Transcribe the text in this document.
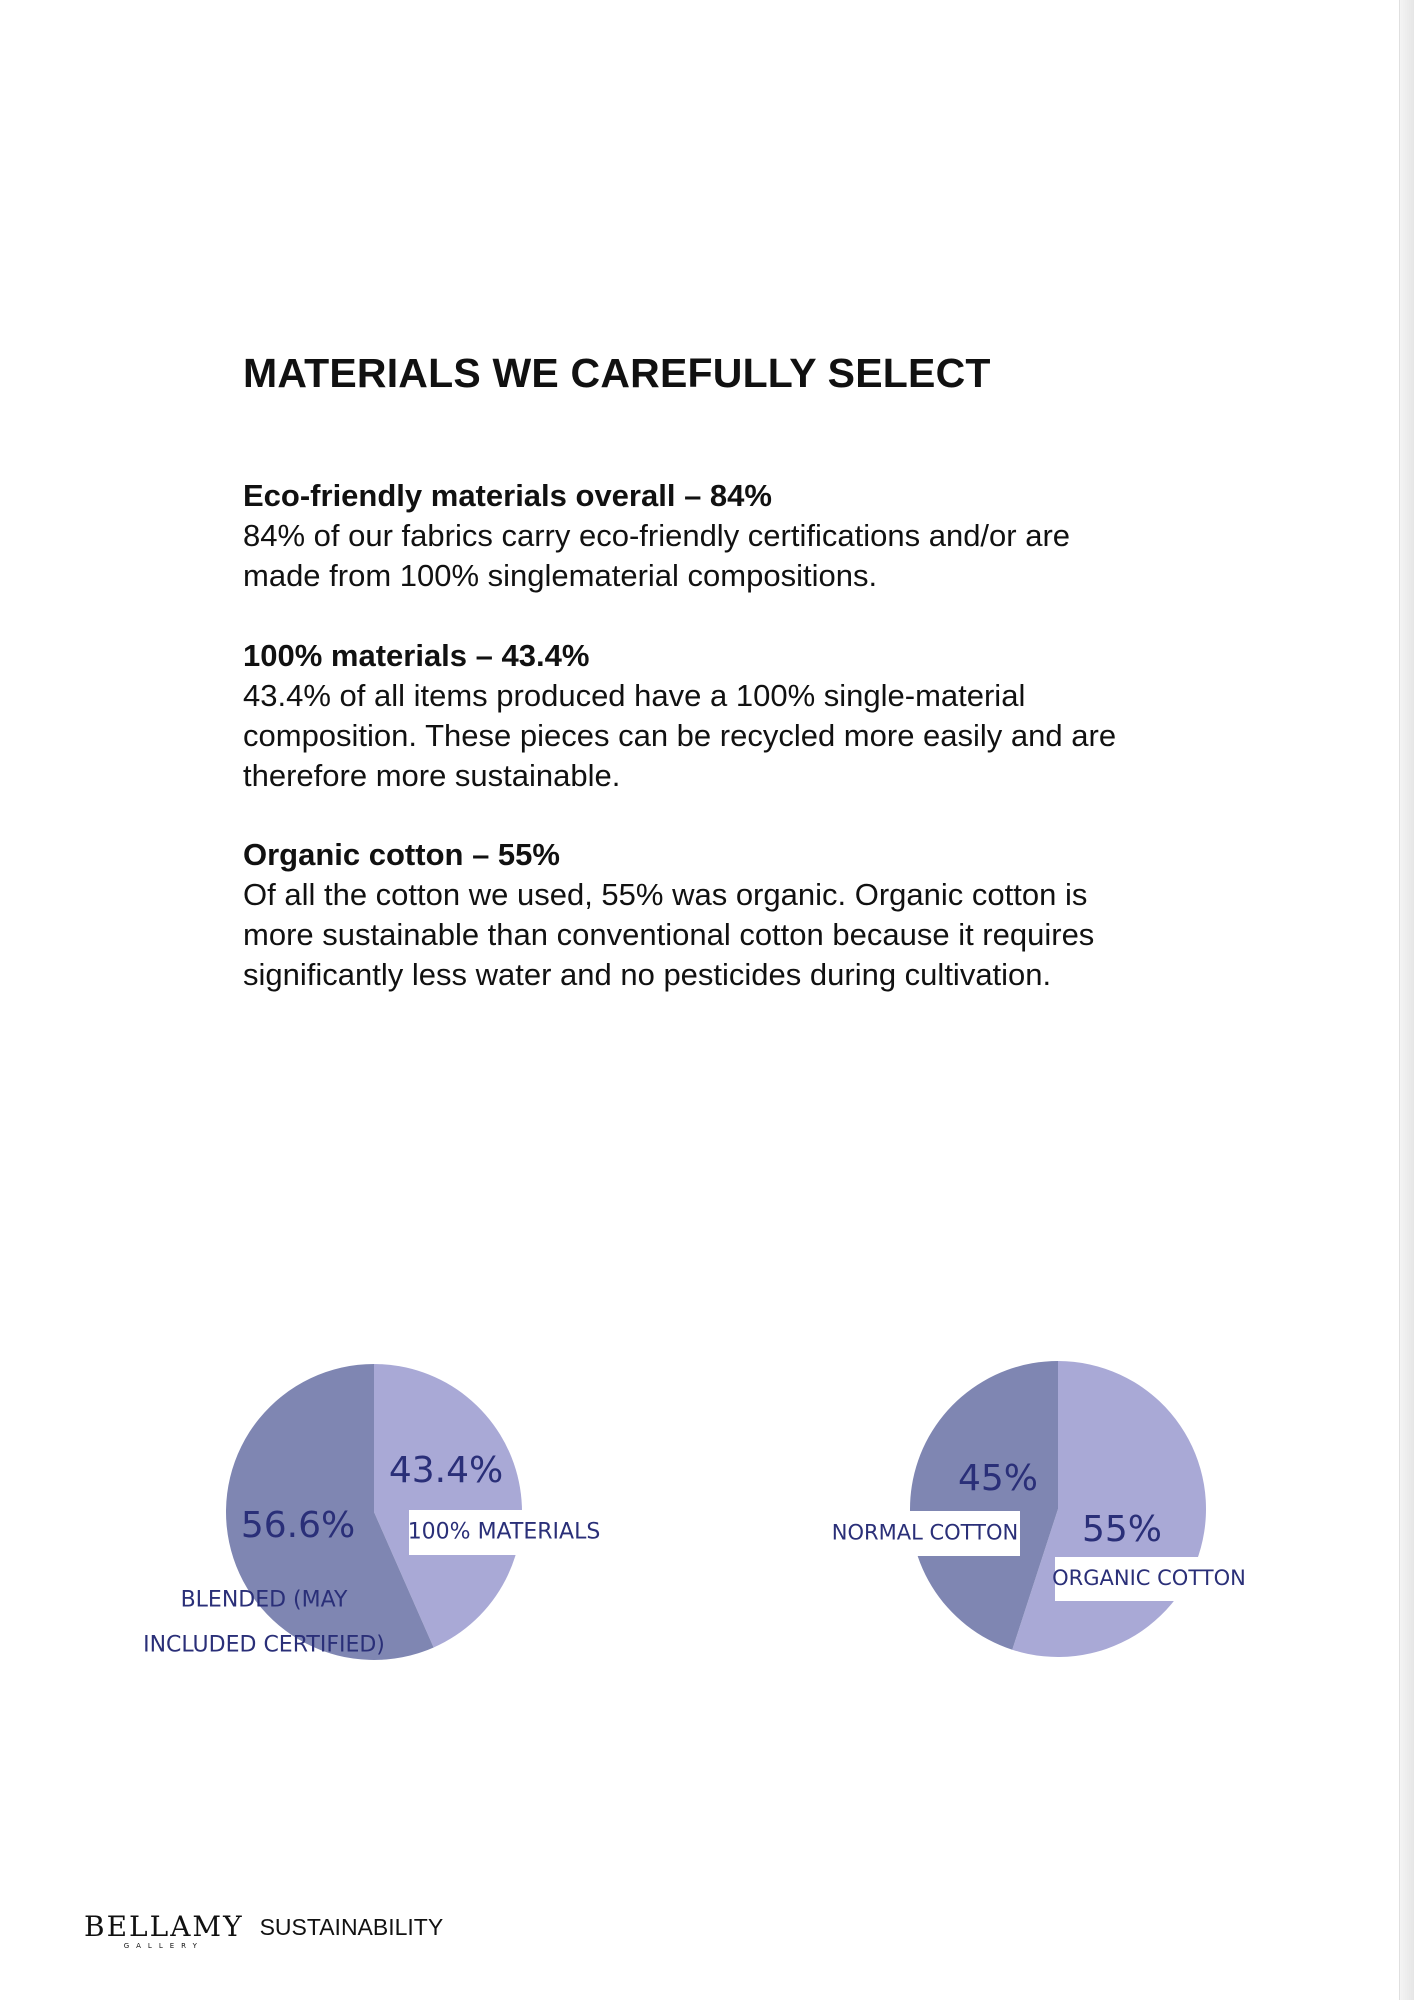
MATERIALS WE CAREFULLY SELECT
Eco-friendly materials overall – 84%

84% of our fabrics carry eco-friendly certifications and/or are

made from 100% singlematerial compositions.

100% materials – 43.4%

43.4% of all items produced have a 100% single-material

composition. These pieces can be recycled more easily and are

therefore more sustainable.

Organic cotton – 55%

Of all the cotton we used, 55% was organic. Organic cotton is

more sustainable than conventional cotton because it requires

significantly less water and no pesticides during cultivation.

43.4%
56.6% 100% MATERIALS
BLENDED (MAY
INCLUDED CERTIFIED)
55%
45%
ORGANIC COTTON
NORMAL COTTON
BELLAMY
GALLERY
SUSTAINABILITY
